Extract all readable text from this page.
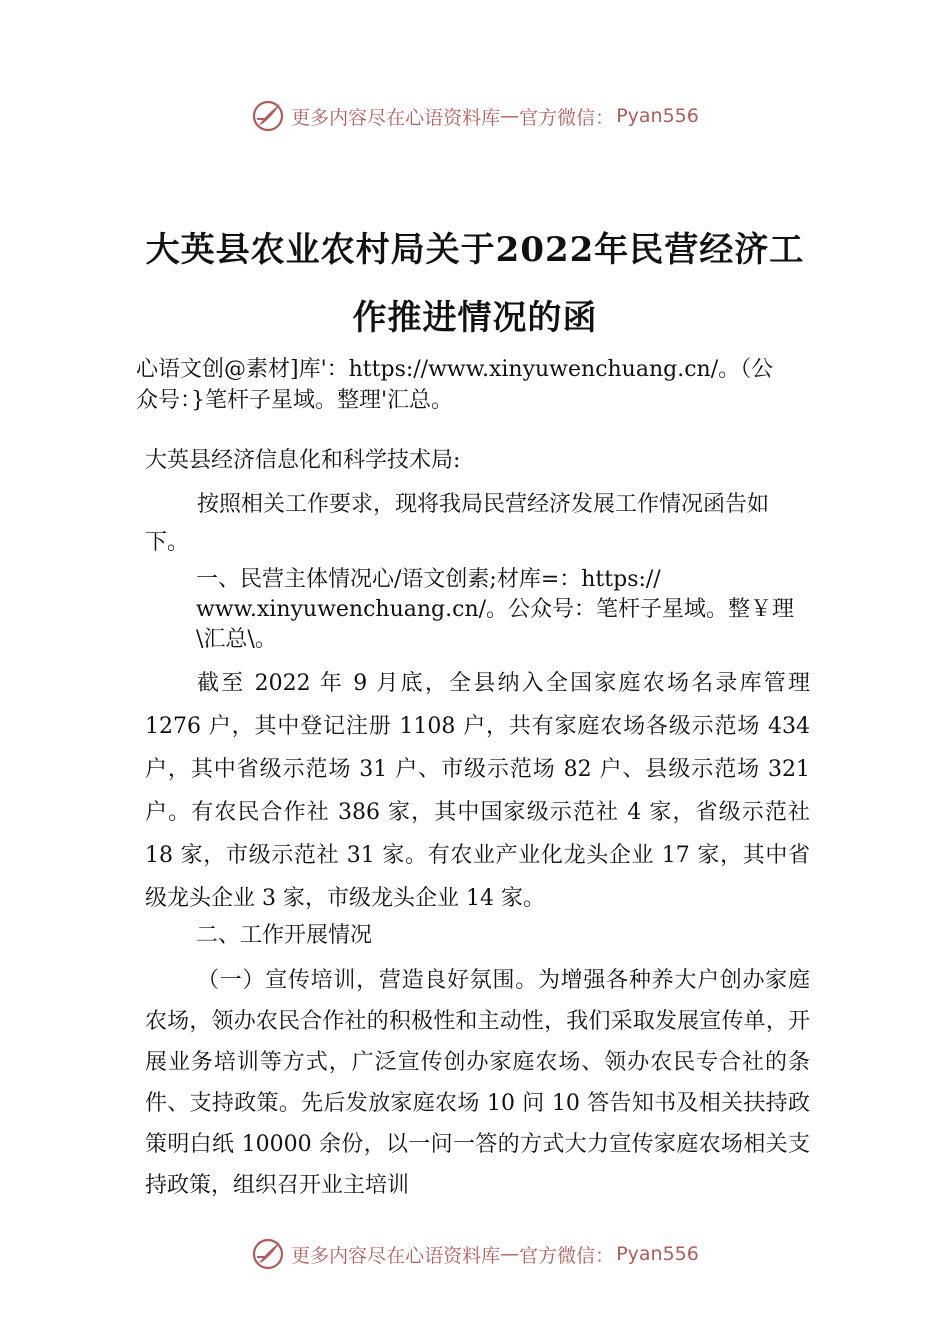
更多内容尽在心语资料库 — 官方微信： Pyan556
大英县农业农村局关于2022年民营经济工
作推进情况的函
心语文创@素材]库'：https://www.xinyuwenchuang.cn/。（公
众号：}笔杆子星域。整理'汇总。

大英县经济信息化和科学技术局:

按照相关工作要求，现将我局民营经济发展工作情况函告如下。

一、民营主体情况心/语文创素;材库=：https://
www.xinyuwenchuang.cn/。公众号：笔杆子星域。整￥理
\汇总\。

截至 2022 年 9 月底，全县纳入全国家庭农场名录库管理 1276 户，其中登记注册 1108 户，共有家庭农场各级示范场 434 户，其中省级示范场 31 户、市级示范场 82 户、县级示范场 321 户。有农民合作社 386 家，其中国家级示范社 4 家，省级示范社 18 家，市级示范社 31 家。有农业产业化龙头企业 17 家，其中省级龙头企业 3 家，市级龙头企业 14 家。

二、工作开展情况

（一）宣传培训，营造良好氛围。为增强各种养大户创办家庭农场，领办农民合作社的积极性和主动性，我们采取发展宣传单，开展业务培训等方式，广泛宣传创办家庭农场、领办农民专合社的条件、支持政策。先后发放家庭农场 10 问 10 答告知书及相关扶持政策明白纸 10000 余份，以一问一答的方式大力宣传家庭农场相关支持政策，组织召开业主培训

更多内容尽在心语资料库 — 官方微信： Pyan556
